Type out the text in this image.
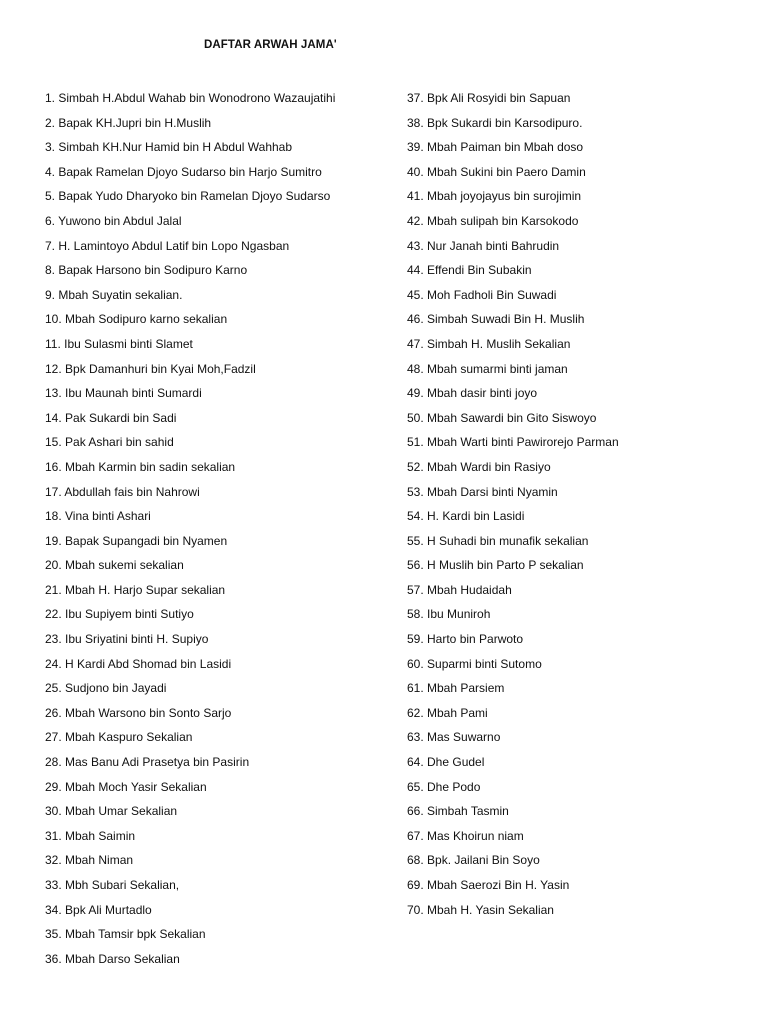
DAFTAR ARWAH JAMA'
1. Simbah H.Abdul Wahab bin Wonodrono Wazaujatihi
2. Bapak KH.Jupri bin H.Muslih
3. Simbah KH.Nur Hamid bin H Abdul Wahhab
4. Bapak Ramelan Djoyo Sudarso bin Harjo Sumitro
5. Bapak Yudo Dharyoko bin Ramelan Djoyo Sudarso
6. Yuwono bin Abdul Jalal
7. H. Lamintoyo Abdul Latif bin Lopo Ngasban
8. Bapak Harsono bin Sodipuro Karno
9. Mbah Suyatin sekalian.
10. Mbah Sodipuro karno sekalian
11. Ibu Sulasmi binti Slamet
12. Bpk Damanhuri bin Kyai Moh,Fadzil
13. Ibu Maunah binti Sumardi
14. Pak Sukardi bin Sadi
15. Pak Ashari bin sahid
16. Mbah Karmin bin sadin sekalian
17. Abdullah fais bin Nahrowi
18. Vina binti Ashari
19. Bapak Supangadi bin Nyamen
20. Mbah sukemi sekalian
21. Mbah H. Harjo Supar sekalian
22. Ibu Supiyem binti Sutiyo
23. Ibu Sriyatini binti H. Supiyo
24. H Kardi Abd Shomad bin Lasidi
25. Sudjono bin Jayadi
26. Mbah Warsono bin Sonto Sarjo
27. Mbah Kaspuro Sekalian
28. Mas Banu Adi Prasetya bin Pasirin
29. Mbah Moch Yasir Sekalian
30. Mbah Umar Sekalian
31. Mbah Saimin
32. Mbah Niman
33. Mbh Subari Sekalian,
34. Bpk Ali Murtadlo
35. Mbah Tamsir bpk Sekalian
36. Mbah Darso Sekalian
37. Bpk Ali Rosyidi bin Sapuan
38. Bpk Sukardi bin Karsodipuro.
39. Mbah Paiman bin Mbah doso
40. Mbah Sukini bin Paero Damin
41. Mbah joyojayus bin surojimin
42. Mbah sulipah bin Karsokodo
43. Nur Janah binti Bahrudin
44. Effendi Bin Subakin
45. Moh Fadholi Bin Suwadi
46. Simbah Suwadi Bin H. Muslih
47. Simbah H. Muslih Sekalian
48. Mbah sumarmi binti jaman
49. Mbah dasir binti joyo
50. Mbah Sawardi bin Gito Siswoyo
51. Mbah Warti binti Pawirorejo Parman
52. Mbah Wardi bin Rasiyo
53. Mbah Darsi binti Nyamin
54. H. Kardi bin Lasidi
55. H Suhadi bin munafik sekalian
56. H Muslih bin Parto P sekalian
57. Mbah Hudaidah
58. Ibu Muniroh
59. Harto bin Parwoto
60. Suparmi binti Sutomo
61. Mbah Parsiem
62. Mbah Pami
63. Mas Suwarno
64. Dhe Gudel
65. Dhe Podo
66. Simbah Tasmin
67. Mas Khoirun niam
68. Bpk. Jailani Bin Soyo
69. Mbah Saerozi Bin H. Yasin
70. Mbah H. Yasin Sekalian
